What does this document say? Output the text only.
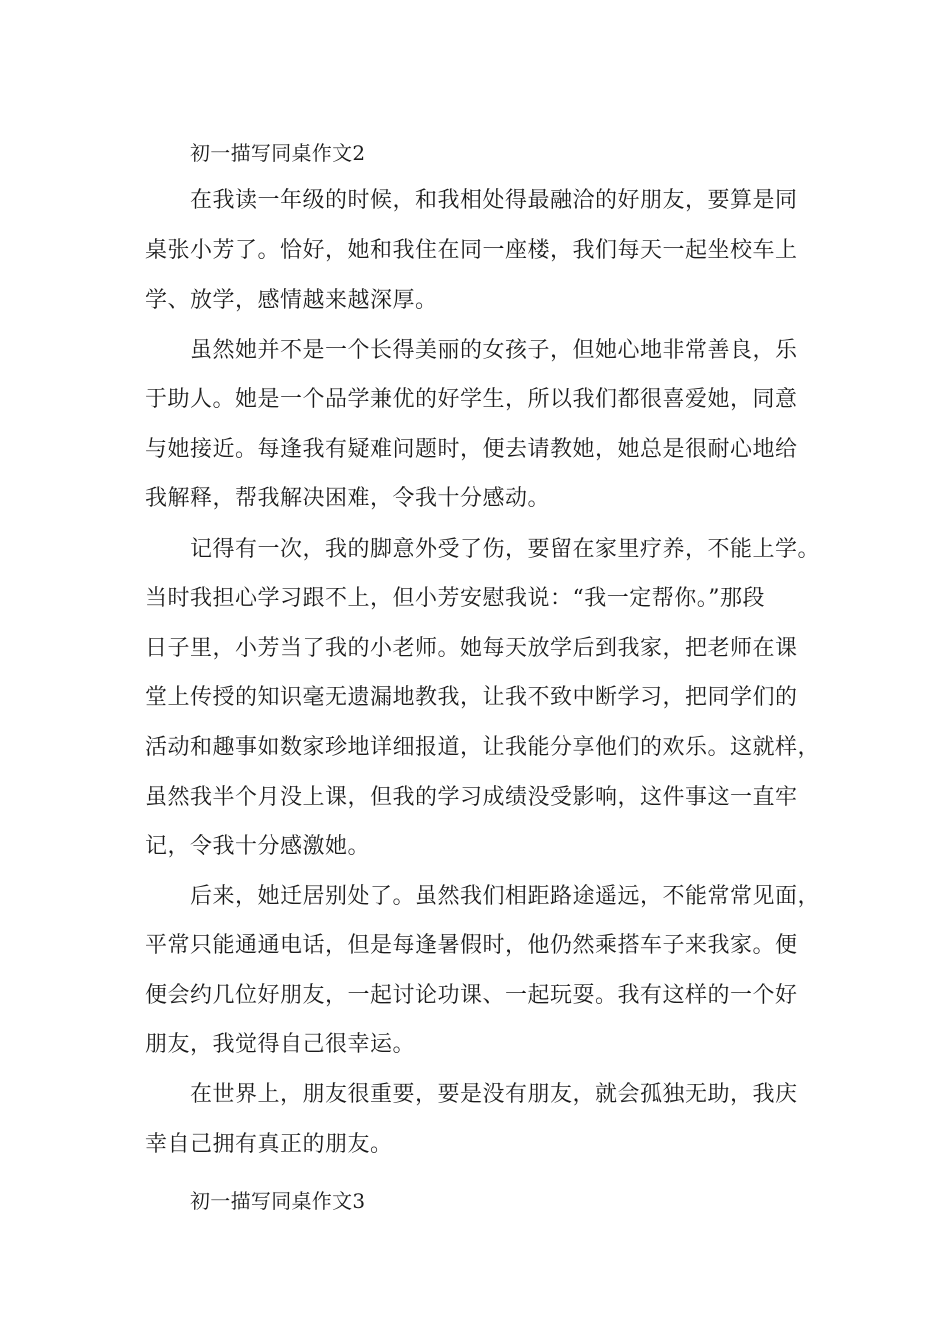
初一描写同桌作文2
在我读一年级的时候，和我相处得最融洽的好朋友，要算是同
桌张小芳了。恰好，她和我住在同一座楼，我们每天一起坐校车上
学、放学，感情越来越深厚。
虽然她并不是一个长得美丽的女孩子，但她心地非常善良，乐
于助人。她是一个品学兼优的好学生，所以我们都很喜爱她，同意
与她接近。每逢我有疑难问题时，便去请教她，她总是很耐心地给
我解释，帮我解决困难，令我十分感动。
记得有一次，我的脚意外受了伤，要留在家里疗养，不能上学。
当时我担心学习跟不上，但小芳安慰我说：“我一定帮你。”那段
日子里，小芳当了我的小老师。她每天放学后到我家，把老师在课
堂上传授的知识毫无遗漏地教我，让我不致中断学习，把同学们的
活动和趣事如数家珍地详细报道，让我能分享他们的欢乐。这就样，
虽然我半个月没上课，但我的学习成绩没受影响，这件事这一直牢
记，令我十分感激她。
后来，她迁居别处了。虽然我们相距路途遥远，不能常常见面，
平常只能通通电话，但是每逢暑假时，他仍然乘搭车子来我家。便
便会约几位好朋友，一起讨论功课、一起玩耍。我有这样的一个好
朋友，我觉得自己很幸运。
在世界上，朋友很重要，要是没有朋友，就会孤独无助，我庆
幸自己拥有真正的朋友。
初一描写同桌作文3
